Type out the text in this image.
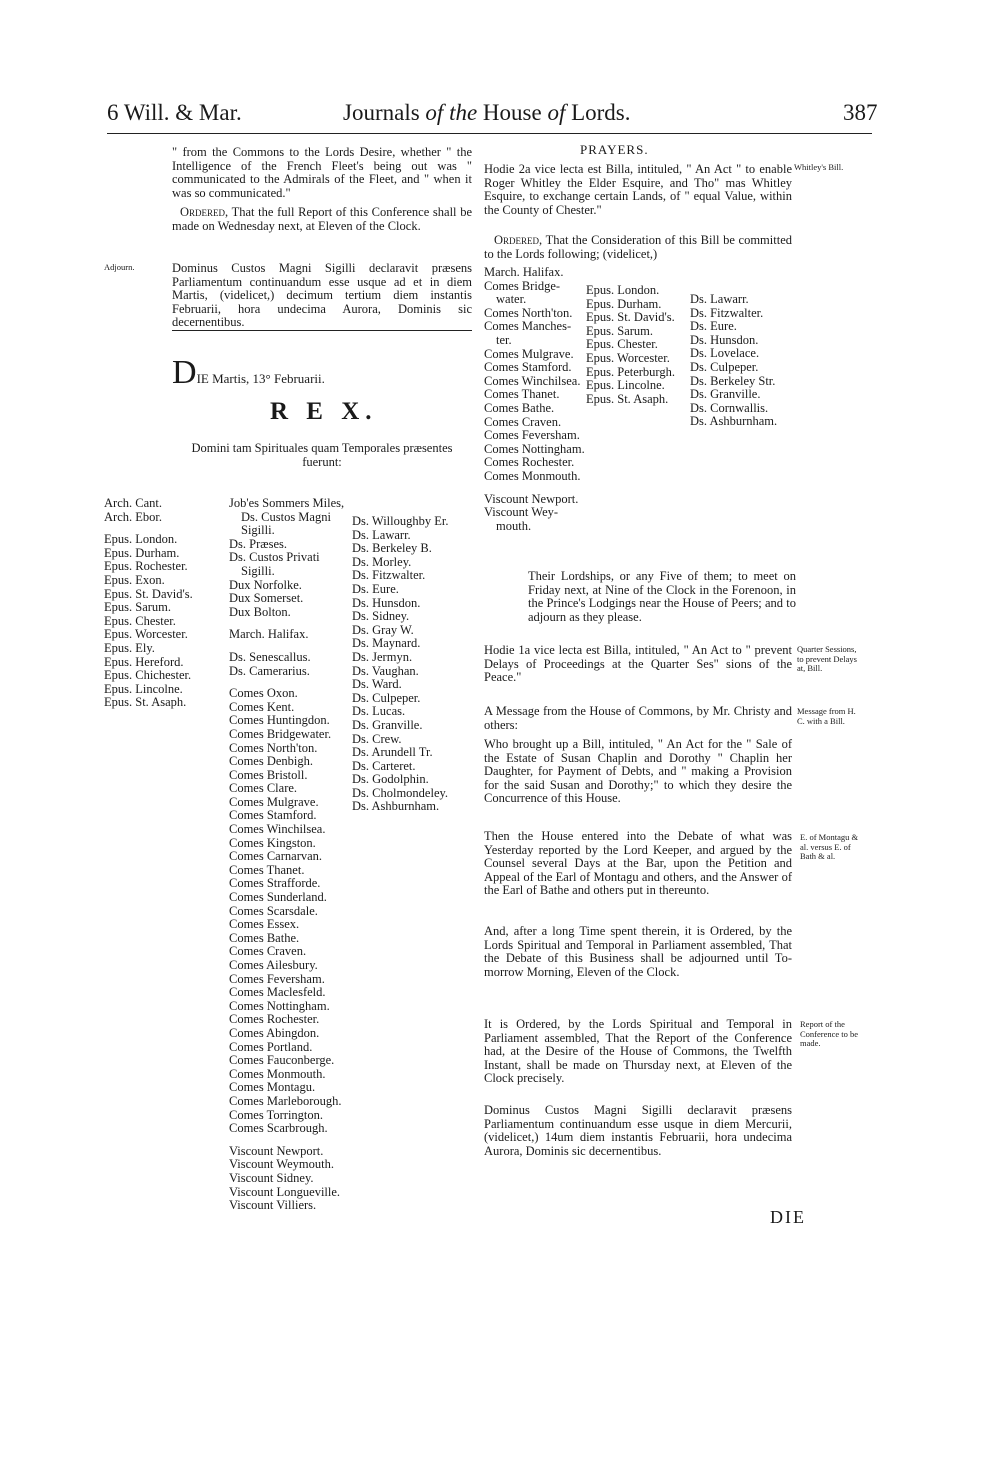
6 Will. & Mar.	Journals of the House of Lords.	387

" from the Commons to the Lords Desire, whether " the Intelligence of the French Fleet's being out was " communicated to the Admirals of the Fleet, and " when it was so communicated."

Ordered, That the full Report of this Conference shall be made on Wednesday next, at Eleven of the Clock.

Adjourn.	Dominus Custos Magni Sigilli declaravit præsens Parliamentum continuandum esse usque ad et in diem Martis, (videlicet,) decimum tertium diem instantis Februarii, hora undecima Aurora, Dominis sic decernentibus.

DIE Martis, 13° Februarii.
R E X.
Domini tam Spirituales quam Temporales præsentes fuerunt:
Arch. Cant.
Arch. Ebor.
Epus. London.
Epus. Durham.
Epus. Rochester.
Epus. Exon.
Epus. St. David's.
Epus. Sarum.
Epus. Chester.
Epus. Worcester.
Epus. Ely.
Epus. Hereford.
Epus. Chichester.
Epus. Lincolne.
Epus. St. Asaph.
Job'es Sommers Miles,
Ds. Custos Magni
Sigilli.
Ds. Præses.
Ds. Custos Privati
Sigilli.
Dux Norfolke.
Dux Somerset.
Dux Bolton.
March. Halifax.
Ds. Senescallus.
Ds. Camerarius.
Comes Oxon.
Comes Kent.
Comes Huntingdon.
Comes Bridgewater.
Comes North'ton.
Comes Denbigh.
Comes Bristoll.
Comes Clare.
Comes Mulgrave.
Comes Stamford.
Comes Winchilsea.
Comes Kingston.
Comes Carnarvan.
Comes Thanet.
Comes Strafforde.
Comes Sunderland.
Comes Scarsdale.
Comes Essex.
Comes Bathe.
Comes Craven.
Comes Ailesbury.
Comes Feversham.
Comes Maclesfeld.
Comes Nottingham.
Comes Rochester.
Comes Abingdon.
Comes Portland.
Comes Fauconberge.
Comes Monmouth.
Comes Montagu.
Comes Marleborough.
Comes Torrington.
Comes Scarbrough.
Viscount Newport.
Viscount Weymouth.
Viscount Sidney.
Viscount Longueville.
Viscount Villiers.
Ds. Willoughby Er.
Ds. Lawarr.
Ds. Berkeley B.
Ds. Morley.
Ds. Fitzwalter.
Ds. Eure.
Ds. Hunsdon.
Ds. Sidney.
Ds. Gray W.
Ds. Maynard.
Ds. Jermyn.
Ds. Vaughan.
Ds. Ward.
Ds. Culpeper.
Ds. Lucas.
Ds. Granville.
Ds. Crew.
Ds. Arundell Tr.
Ds. Carteret.
Ds. Godolphin.
Ds. Cholmondeley.
Ds. Ashburnham.
PRAYERS.

Hodie 2a vice lecta est Billa, intituled, " An Act " to enable Roger Whitley the Elder Esquire, and Tho" mas Whitley Esquire, to exchange certain Lands, of " equal Value, within the County of Chester."

Whitley's Bill.

Ordered, That the Consideration of this Bill be committed to the Lords following; (videlicet,)

March. Halifax.
Comes Bridge-
water.
Comes North'ton.
Comes Manches-
ter.
Comes Mulgrave.
Comes Stamford.
Comes Winchilsea.
Comes Thanet.
Comes Bathe.
Comes Craven.
Comes Feversham.
Comes Nottingham.
Comes Rochester.
Comes Monmouth.
Viscount Newport.
Viscount Wey-
mouth.
Epus. London.
Epus. Durham.
Epus. St. David's.
Epus. Sarum.
Epus. Chester.
Epus. Worcester.
Epus. Peterburgh.
Epus. Lincolne.
Epus. St. Asaph.
Ds. Lawarr.
Ds. Fitzwalter.
Ds. Eure.
Ds. Hunsdon.
Ds. Lovelace.
Ds. Culpeper.
Ds. Berkeley Str.
Ds. Granville.
Ds. Cornwallis.
Ds. Ashburnham.

Their Lordships, or any Five of them; to meet on Friday next, at Nine of the Clock in the Forenoon, in the Prince's Lodgings near the House of Peers; and to adjourn as they please.

Hodie 1a vice lecta est Billa, intituled, " An Act to " prevent Delays of Proceedings at the Quarter Ses" sions of the Peace."

Quarter Sessions, to prevent Delays at, Bill.

A Message from the House of Commons, by Mr. Christy and others:

Message from H. C. with a Bill.

Who brought up a Bill, intituled, " An Act for the " Sale of the Estate of Susan Chaplin and Dorothy " Chaplin her Daughter, for Payment of Debts, and " making a Provision for the said Susan and Dorothy;" to which they desire the Concurrence of this House.

Then the House entered into the Debate of what was Yesterday reported by the Lord Keeper, and argued by the Counsel several Days at the Bar, upon the Petition and Appeal of the Earl of Montagu and others, and the Answer of the Earl of Bathe and others put in thereunto.

E. of Montagu & al. versus E. of Bath & al.

And, after a long Time spent therein, it is Ordered, by the Lords Spiritual and Temporal in Parliament assembled, That the Debate of this Business shall be adjourned until To-morrow Morning, Eleven of the Clock.

It is Ordered, by the Lords Spiritual and Temporal in Parliament assembled, That the Report of the Conference had, at the Desire of the House of Commons, the Twelfth Instant, shall be made on Thursday next, at Eleven of the Clock precisely.

Report of the Conference to be made.

Dominus Custos Magni Sigilli declaravit præsens Parliamentum continuandum esse usque in diem Mercurii, (videlicet,) 14um diem instantis Februarii, hora undecima Aurora, Dominis sic decernentibus.

DIE
